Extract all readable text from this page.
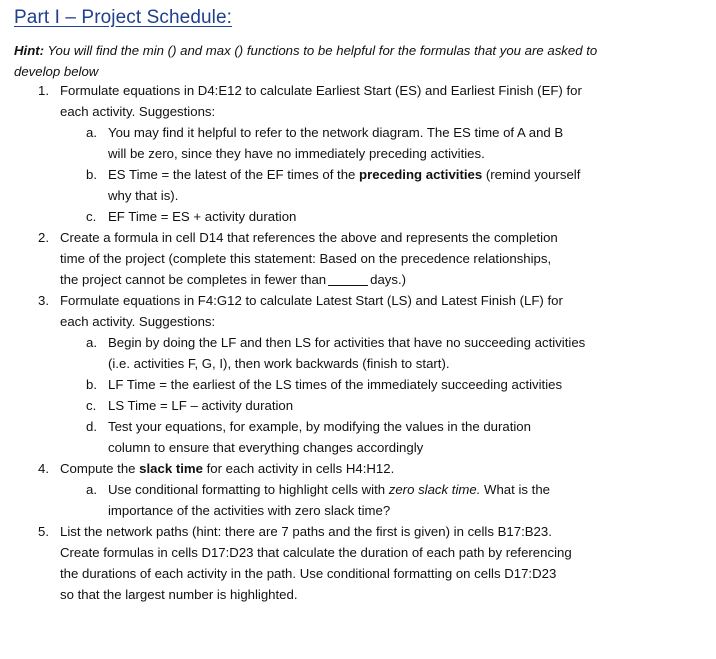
Part I – Project Schedule:
Hint: You will find the min () and max () functions to be helpful for the formulas that you are asked to develop below
1. Formulate equations in D4:E12 to calculate Earliest Start (ES) and Earliest Finish (EF) for
each activity. Suggestions:
a. You may find it helpful to refer to the network diagram. The ES time of A and B
will be zero, since they have no immediately preceding activities.
b. ES Time = the latest of the EF times of the preceding activities (remind yourself
why that is).
c. EF Time = ES + activity duration
2. Create a formula in cell D14 that references the above and represents the completion
time of the project (complete this statement: Based on the precedence relationships,
the project cannot be completes in fewer than	days.)
3. Formulate equations in F4:G12 to calculate Latest Start (LS) and Latest Finish (LF) for
each activity. Suggestions:
a. Begin by doing the LF and then LS for activities that have no succeeding activities
(i.e. activities F, G, I), then work backwards (finish to start).
b. LF Time = the earliest of the LS times of the immediately succeeding activities
c. LS Time = LF – activity duration
d. Test your equations, for example, by modifying the values in the duration
column to ensure that everything changes accordingly
4. Compute the slack time for each activity in cells H4:H12.
a. Use conditional formatting to highlight cells with zero slack time. What is the
importance of the activities with zero slack time?
5. List the network paths (hint: there are 7 paths and the first is given) in cells B17:B23.
Create formulas in cells D17:D23 that calculate the duration of each path by referencing
the durations of each activity in the path. Use conditional formatting on cells D17:D23
so that the largest number is highlighted.
